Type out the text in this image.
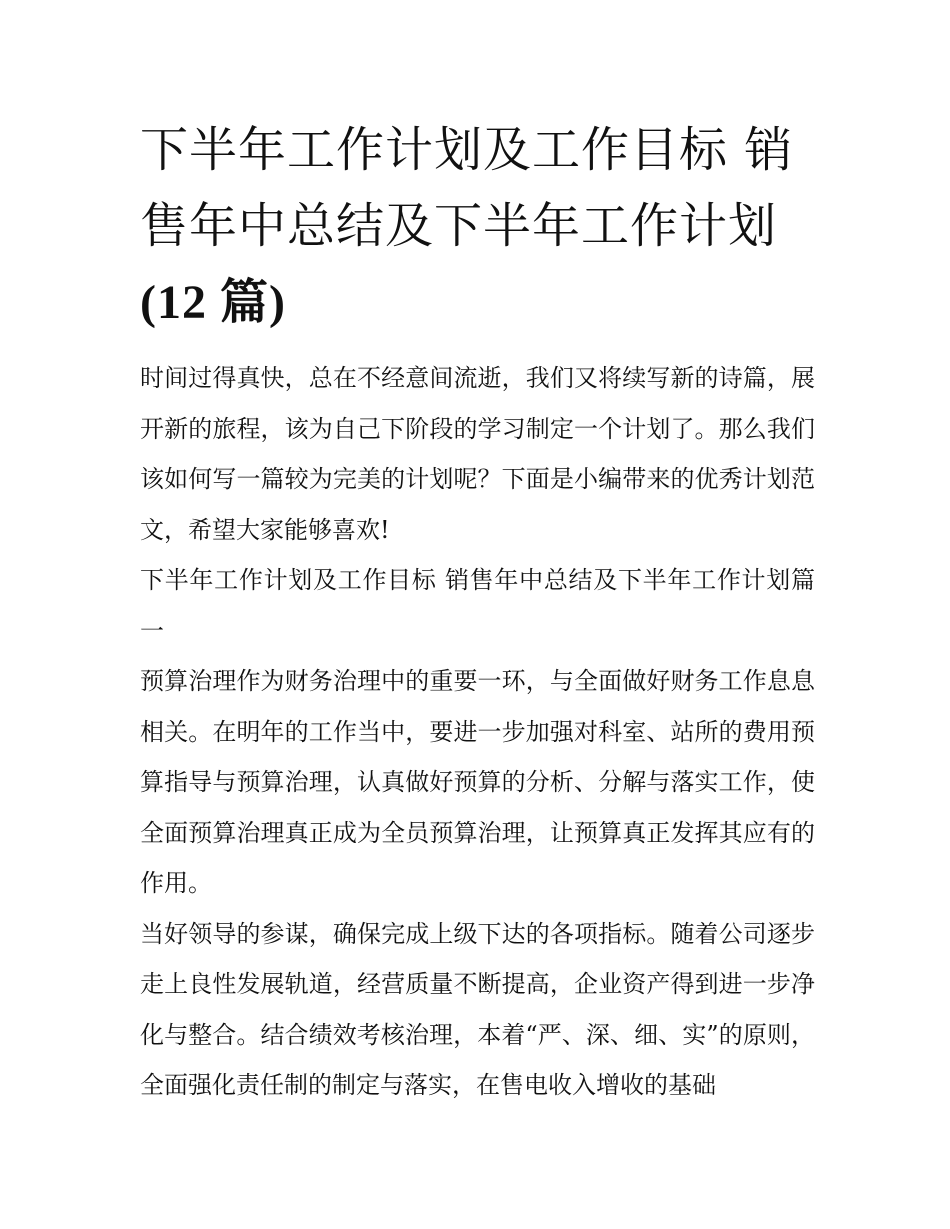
下半年工作计划及工作目标 销售年中总结及下半年工作计划
(12 篇)

时间过得真快，总在不经意间流逝，我们又将续写新的诗篇，展开新的旅程，该为自己下阶段的学习制定一个计划了。那么我们该如何写一篇较为完美的计划呢？下面是小编带来的优秀计划范文，希望大家能够喜欢!

下半年工作计划及工作目标 销售年中总结及下半年工作计划篇一

预算治理作为财务治理中的重要一环，与全面做好财务工作息息相关。在明年的工作当中，要进一步加强对科室、站所的费用预算指导与预算治理，认真做好预算的分析、分解与落实工作，使全面预算治理真正成为全员预算治理，让预算真正发挥其应有的作用。

当好领导的参谋，确保完成上级下达的各项指标。随着公司逐步走上良性发展轨道，经营质量不断提高，企业资产得到进一步净化与整合。结合绩效考核治理，本着“严、深、细、实”的原则，全面强化责任制的制定与落实，在售电收入增收的基础
